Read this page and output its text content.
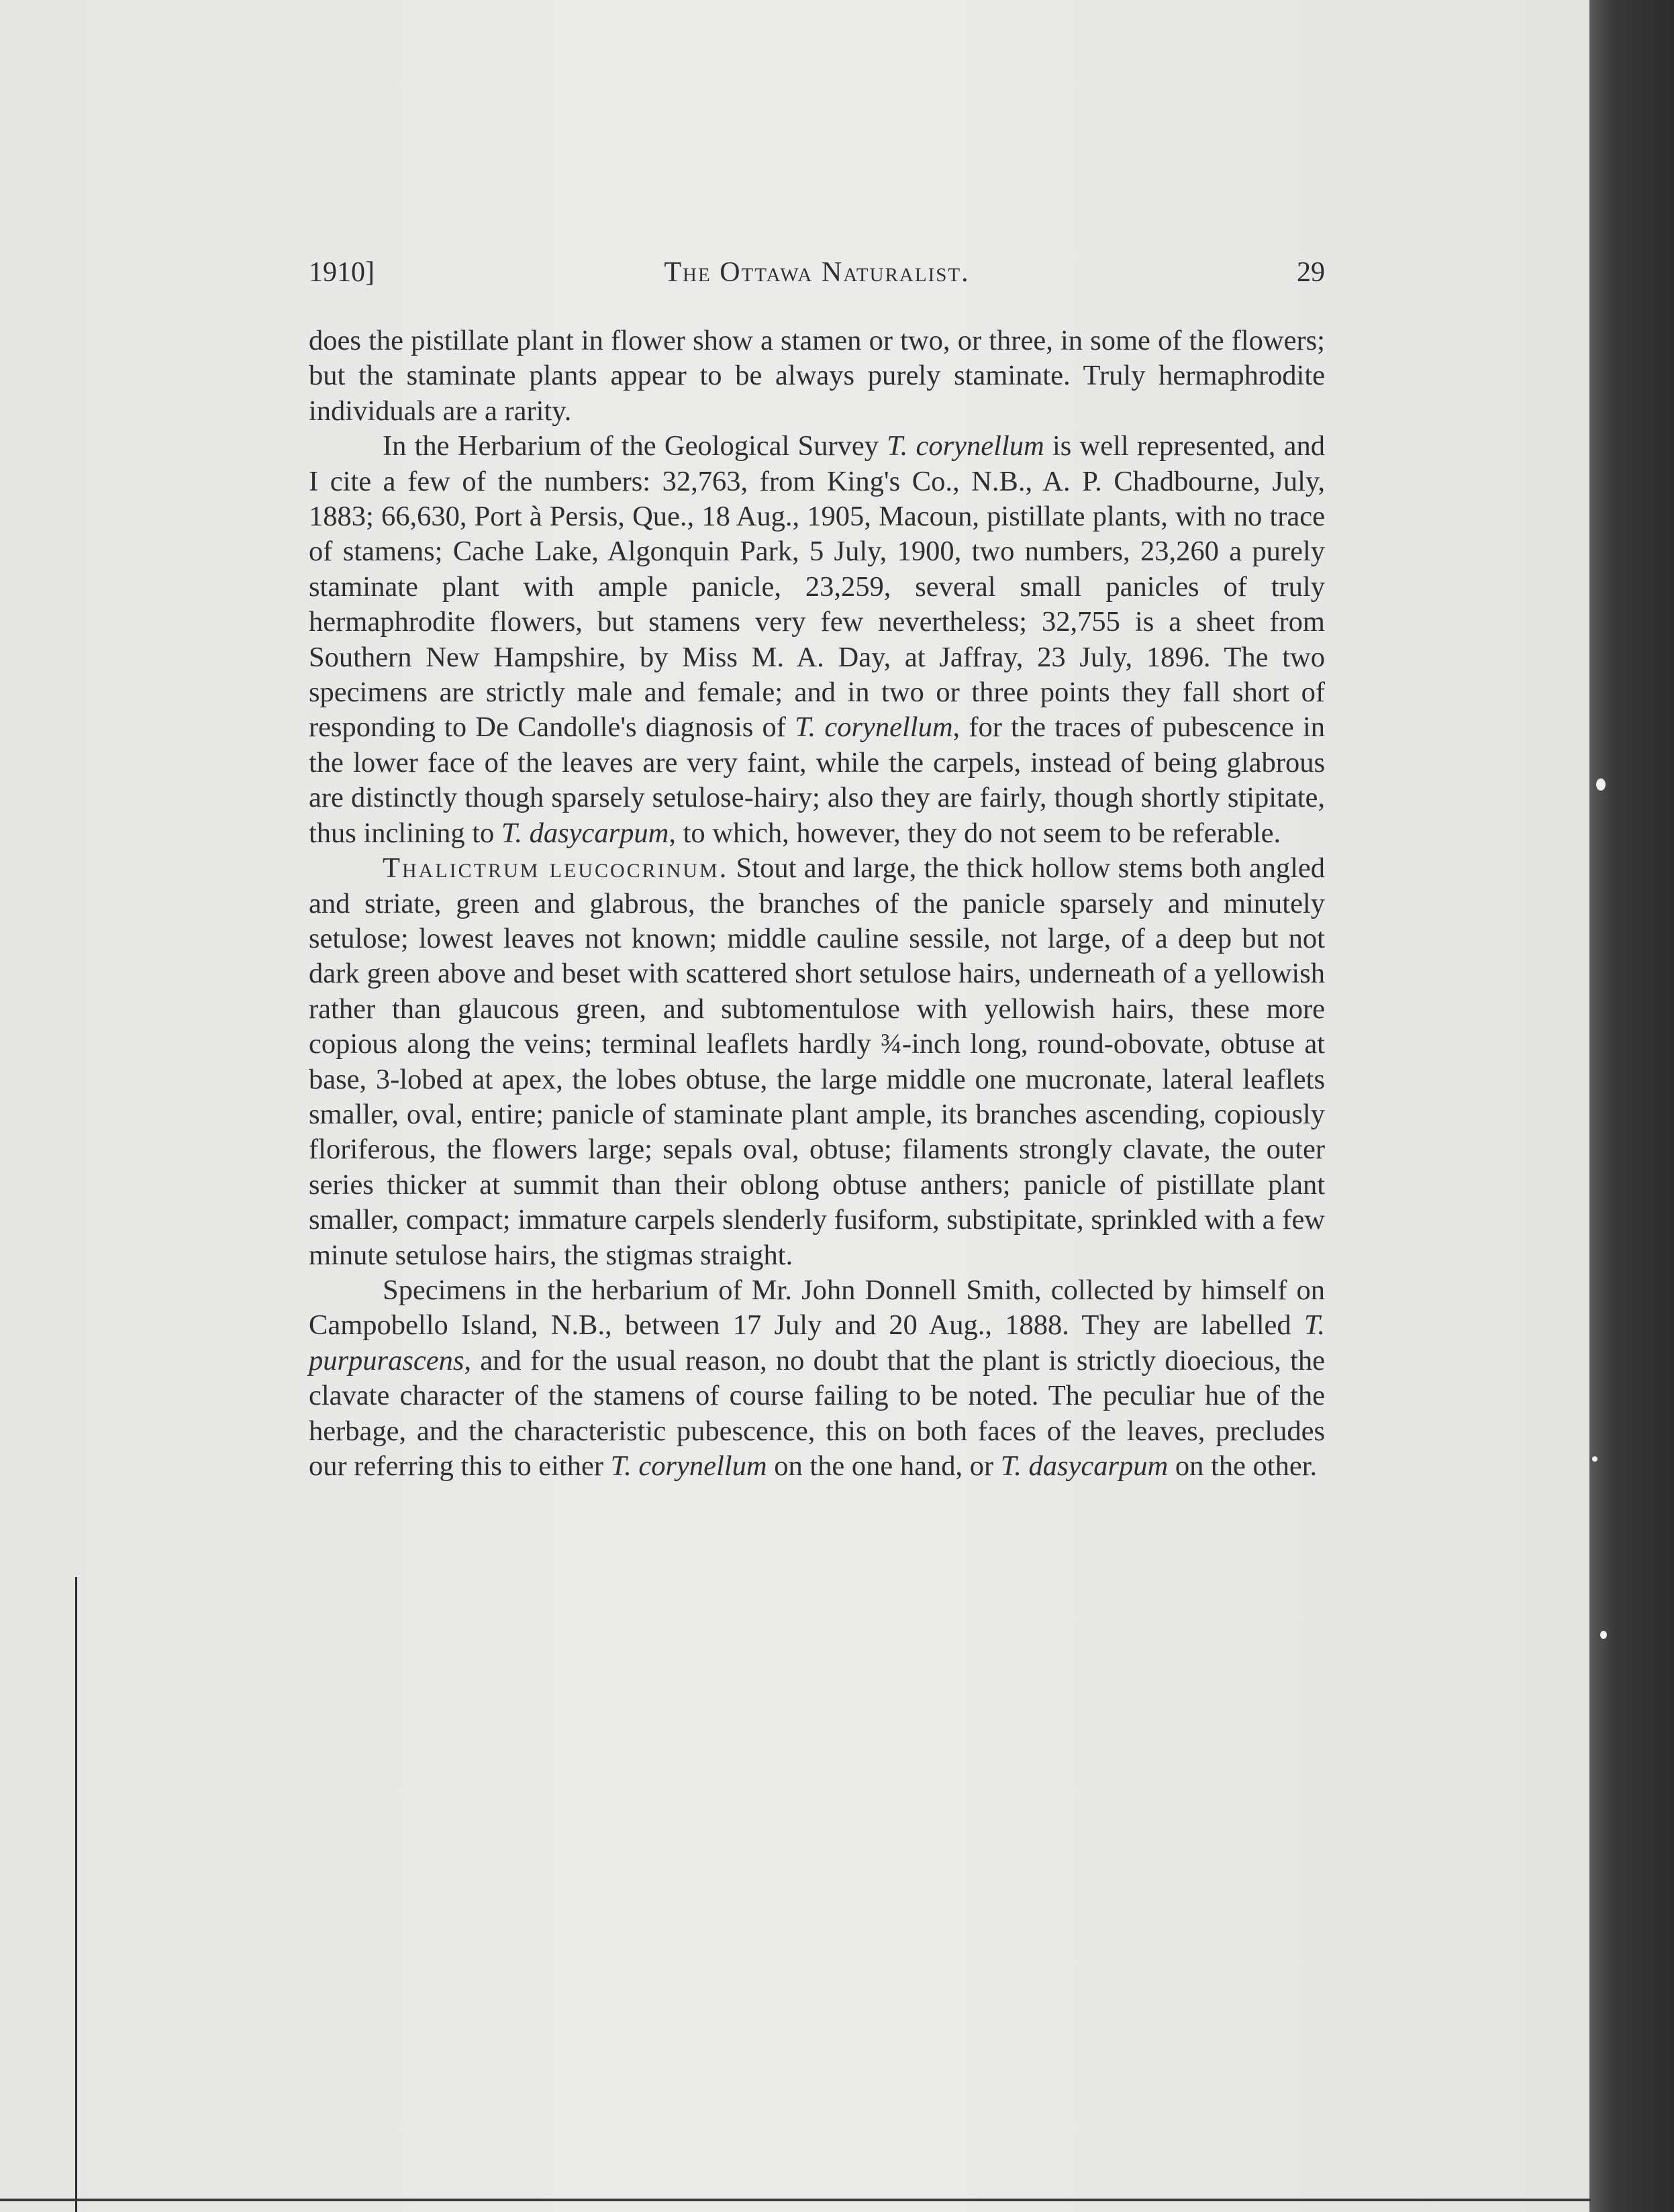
1910]	The Ottawa Naturalist.	29

does the pistillate plant in flower show a stamen or two, or three, in some of the flowers; but the staminate plants appear to be always purely staminate. Truly hermaphrodite individuals are a rarity.

In the Herbarium of the Geological Survey T. corynellum is well represented, and I cite a few of the numbers: 32,763, from King's Co., N.B., A. P. Chadbourne, July, 1883; 66,630, Port à Persis, Que., 18 Aug., 1905, Macoun, pistillate plants, with no trace of stamens; Cache Lake, Algonquin Park, 5 July, 1900, two numbers, 23,260 a purely staminate plant with ample panicle, 23,259, several small panicles of truly hermaphrodite flowers, but stamens very few nevertheless; 32,755 is a sheet from Southern New Hampshire, by Miss M. A. Day, at Jaffray, 23 July, 1896. The two specimens are strictly male and female; and in two or three points they fall short of responding to De Candolle's diagnosis of T. corynellum, for the traces of pubescence in the lower face of the leaves are very faint, while the carpels, instead of being glabrous are distinctly though sparsely setulose-hairy; also they are fairly, though shortly stipitate, thus inclining to T. dasycarpum, to which, however, they do not seem to be referable.

Thalictrum leucocrinum. Stout and large, the thick hollow stems both angled and striate, green and glabrous, the branches of the panicle sparsely and minutely setulose; lowest leaves not known; middle cauline sessile, not large, of a deep but not dark green above and beset with scattered short setulose hairs, underneath of a yellowish rather than glaucous green, and subtomentulose with yellowish hairs, these more copious along the veins; terminal leaflets hardly ¾-inch long, round-obovate, obtuse at base, 3-lobed at apex, the lobes obtuse, the large middle one mucronate, lateral leaflets smaller, oval, entire; panicle of staminate plant ample, its branches ascending, copiously floriferous, the flowers large; sepals oval, obtuse; filaments strongly clavate, the outer series thicker at summit than their oblong obtuse anthers; panicle of pistillate plant smaller, compact; immature carpels slenderly fusiform, substipitate, sprinkled with a few minute setulose hairs, the stigmas straight.

Specimens in the herbarium of Mr. John Donnell Smith, collected by himself on Campobello Island, N.B., between 17 July and 20 Aug., 1888. They are labelled T. purpurascens, and for the usual reason, no doubt that the plant is strictly dioecious, the clavate character of the stamens of course failing to be noted. The peculiar hue of the herbage, and the characteristic pubescence, this on both faces of the leaves, precludes our referring this to either T. corynellum on the one hand, or T. dasycarpum on the other.
